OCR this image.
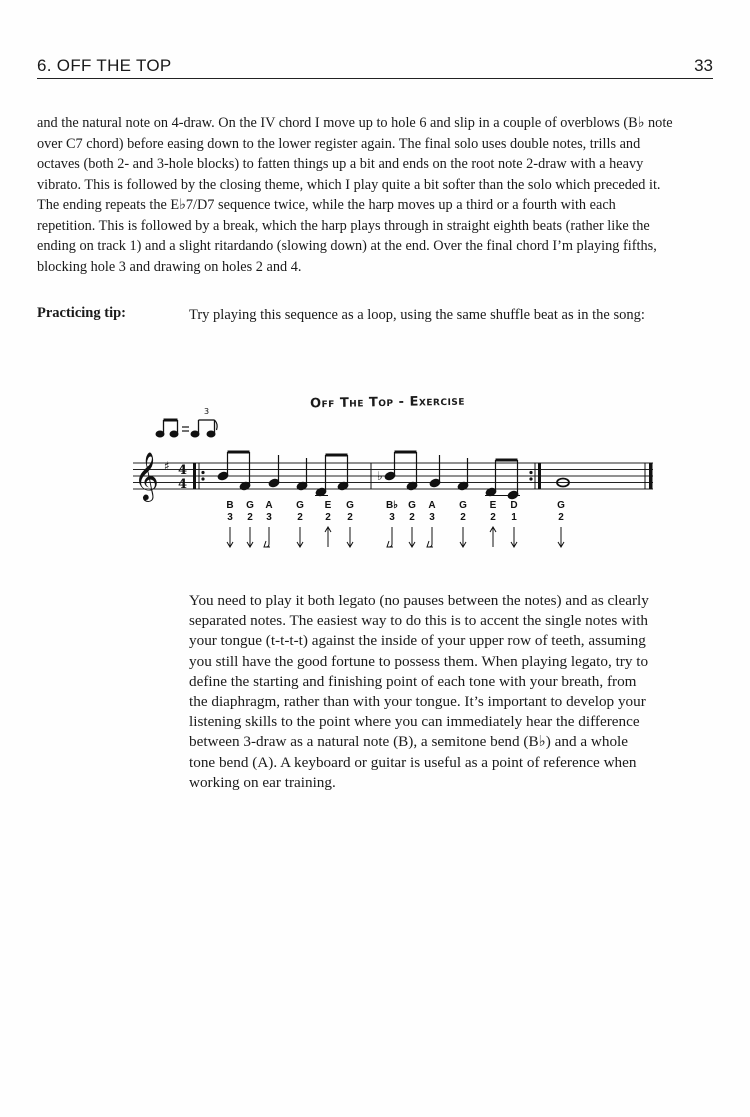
6. OFF THE TOP	33
and the natural note on 4-draw. On the IV chord I move up to hole 6 and slip in a couple of overblows (B♭ note over C7 chord) before easing down to the lower register again. The final solo uses double notes, trills and octaves (both 2- and 3-hole blocks) to fatten things up a bit and ends on the root note 2-draw with a heavy vibrato. This is followed by the closing theme, which I play quite a bit softer than the solo which preceded it. The ending repeats the E♭7/D7 sequence twice, while the harp moves up a third or a fourth with each repetition. This is followed by a break, which the harp plays through in straight eighth beats (rather like the ending on track 1) and a slight ritardando (slowing down) at the end. Over the final chord I’m playing fifths, blocking hole 3 and drawing on holes 2 and 4.
Practicing tip:	Try playing this sequence as a loop, using the same shuffle beat as in the song:
Off The Top - Exercise
3
𝄞 ♯ 4
4
♭
B G A G E G	B♭ G A G E D	G
3 2 3	2 2 2	3 2 3	2 2 1	2
You need to play it both legato (no pauses between the notes) and as clearly separated notes. The easiest way to do this is to accent the single notes with your tongue (t-t-t-t) against the inside of your upper row of teeth, assuming you still have the good fortune to possess them. When playing legato, try to define the starting and finishing point of each tone with your breath, from the diaphragm, rather than with your tongue. It’s important to develop your listening skills to the point where you can immediately hear the difference between 3-draw as a natural note (B), a semitone bend (B♭) and a whole tone bend (A). A keyboard or guitar is useful as a point of reference when working on ear training.
